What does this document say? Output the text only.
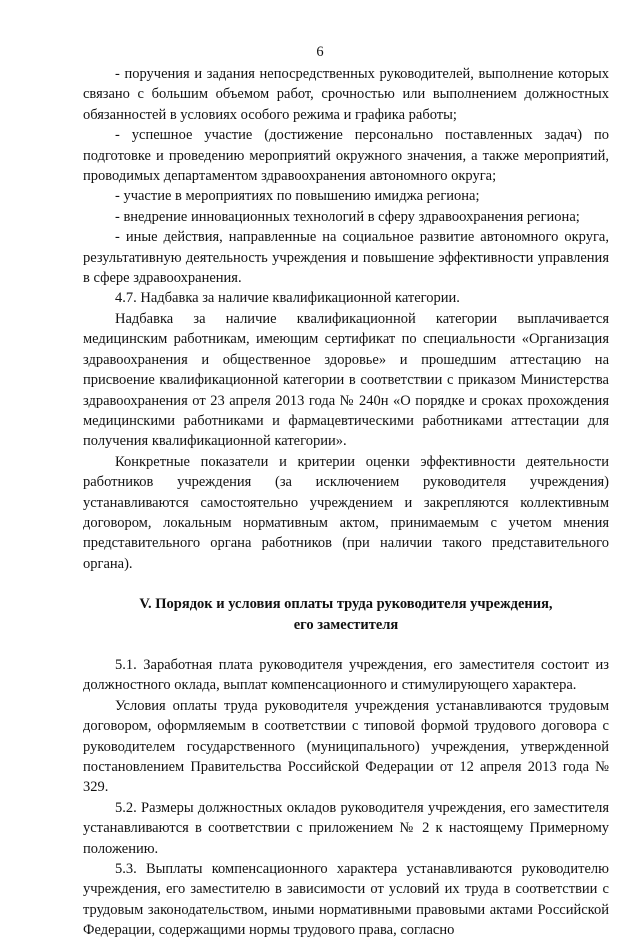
6

- поручения и задания непосредственных руководителей, выполнение которых связано с большим объемом работ, срочностью или выполнением должностных обязанностей в условиях особого режима и графика работы;

- успешное участие (достижение персонально поставленных задач) по подготовке и проведению мероприятий окружного значения, а также мероприятий, проводимых департаментом здравоохранения автономного округа;

- участие в мероприятиях по повышению имиджа региона;

- внедрение инновационных технологий в сферу здравоохранения региона;

- иные действия, направленные на социальное развитие автономного округа, результативную деятельность учреждения и повышение эффективности управления в сфере здравоохранения.

4.7. Надбавка за наличие квалификационной категории.

Надбавка за наличие квалификационной категории выплачивается медицинским работникам, имеющим сертификат по специальности «Организация здравоохранения и общественное здоровье» и прошедшим аттестацию на присвоение квалификационной категории в соответствии с приказом Министерства здравоохранения от 23 апреля 2013 года № 240н «О порядке и сроках прохождения медицинскими работниками и фармацевтическими работниками аттестации для получения квалификационной категории».

Конкретные показатели и критерии оценки эффективности деятельности работников учреждения (за исключением руководителя учреждения) устанавливаются самостоятельно учреждением и закрепляются коллективным договором, локальным нормативным актом, принимаемым с учетом мнения представительного органа работников (при наличии такого представительного органа).

V. Порядок и условия оплаты труда руководителя учреждения,
его заместителя

5.1. Заработная плата руководителя учреждения, его заместителя состоит из должностного оклада, выплат компенсационного и стимулирующего характера.

Условия оплаты труда руководителя учреждения устанавливаются трудовым договором, оформляемым в соответствии с типовой формой трудового договора с руководителем государственного (муниципального) учреждения, утвержденной постановлением Правительства Российской Федерации от 12 апреля 2013 года № 329.

5.2. Размеры должностных окладов руководителя учреждения, его заместителя устанавливаются в соответствии с приложением № 2 к настоящему Примерному положению.

5.3. Выплаты компенсационного характера устанавливаются руководителю учреждения, его заместителю в зависимости от условий их труда в соответствии с трудовым законодательством, иными нормативными правовыми актами Российской Федерации, содержащими нормы трудового права, согласно
